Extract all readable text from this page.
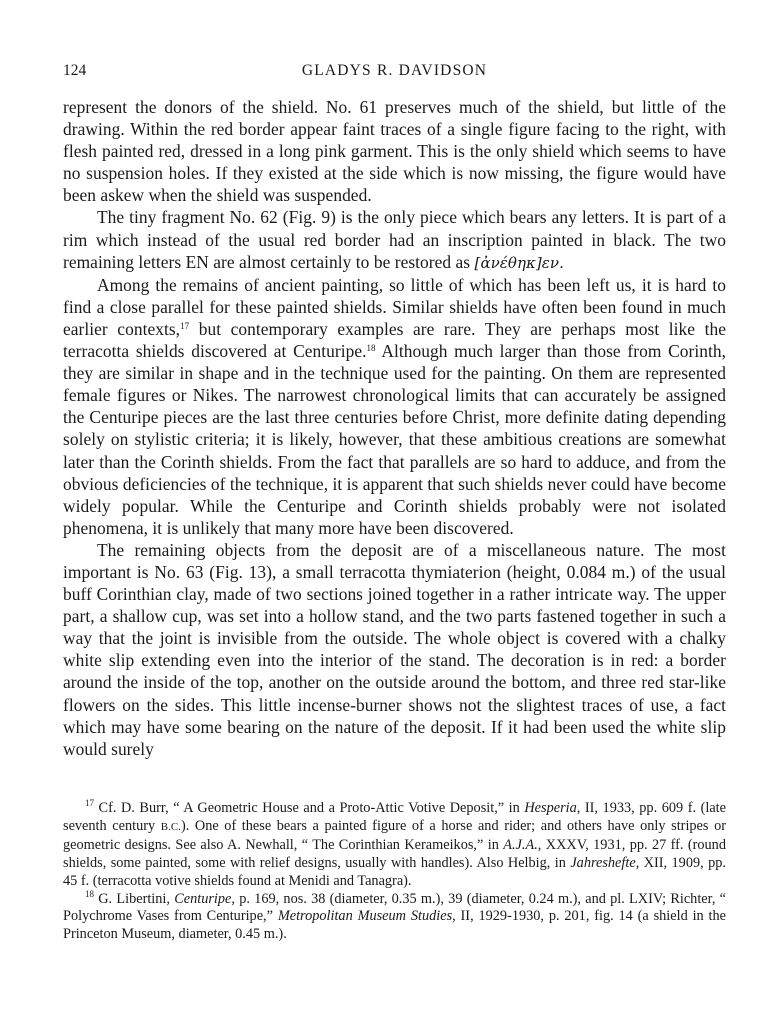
124	GLADYS R. DAVIDSON

represent the donors of the shield. No. 61 preserves much of the shield, but little of the drawing. Within the red border appear faint traces of a single figure facing to the right, with flesh painted red, dressed in a long pink garment. This is the only shield which seems to have no suspension holes. If they existed at the side which is now missing, the figure would have been askew when the shield was suspended.

The tiny fragment No. 62 (Fig. 9) is the only piece which bears any letters. It is part of a rim which instead of the usual red border had an inscription painted in black. The two remaining letters EN are almost certainly to be restored as [ἀνέθηκ]εν.

Among the remains of ancient painting, so little of which has been left us, it is hard to find a close parallel for these painted shields. Similar shields have often been found in much earlier contexts,$^{17}$ but contemporary examples are rare. They are perhaps most like the terracotta shields discovered at Centuripe.$^{18}$ Although much larger than those from Corinth, they are similar in shape and in the technique used for the painting. On them are represented female figures or Nikes. The narrowest chronological limits that can accurately be assigned the Centuripe pieces are the last three centuries before Christ, more definite dating depending solely on stylistic criteria; it is likely, however, that these ambitious creations are somewhat later than the Corinth shields. From the fact that parallels are so hard to adduce, and from the obvious deficiencies of the technique, it is apparent that such shields never could have become widely popular. While the Centuripe and Corinth shields probably were not isolated phenomena, it is unlikely that many more have been discovered.

The remaining objects from the deposit are of a miscellaneous nature. The most important is No. 63 (Fig. 13), a small terracotta thymiaterion (height, 0.084 m.) of the usual buff Corinthian clay, made of two sections joined together in a rather intricate way. The upper part, a shallow cup, was set into a hollow stand, and the two parts fastened together in such a way that the joint is invisible from the outside. The whole object is covered with a chalky white slip extending even into the interior of the stand. The decoration is in red: a border around the inside of the top, another on the outside around the bottom, and three red star-like flowers on the sides. This little incense-burner shows not the slightest traces of use, a fact which may have some bearing on the nature of the deposit. If it had been used the white slip would surely

$^{17}$ Cf. D. Burr, “ A Geometric House and a Proto-Attic Votive Deposit,” in Hesperia, II, 1933, pp. 609 f. (late seventh century B.C.). One of these bears a painted figure of a horse and rider; and others have only stripes or geometric designs. See also A. Newhall, “ The Corinthian Kerameikos,” in A.J.A., XXXV, 1931, pp. 27 ff. (round shields, some painted, some with relief designs, usually with handles). Also Helbig, in Jahreshefte, XII, 1909, pp. 45 f. (terracotta votive shields found at Menidi and Tanagra).

$^{18}$ G. Libertini, Centuripe, p. 169, nos. 38 (diameter, 0.35 m.), 39 (diameter, 0.24 m.), and pl. LXIV; Richter, “ Polychrome Vases from Centuripe,” Metropolitan Museum Studies, II, 1929-1930, p. 201, fig. 14 (a shield in the Princeton Museum, diameter, 0.45 m.).
